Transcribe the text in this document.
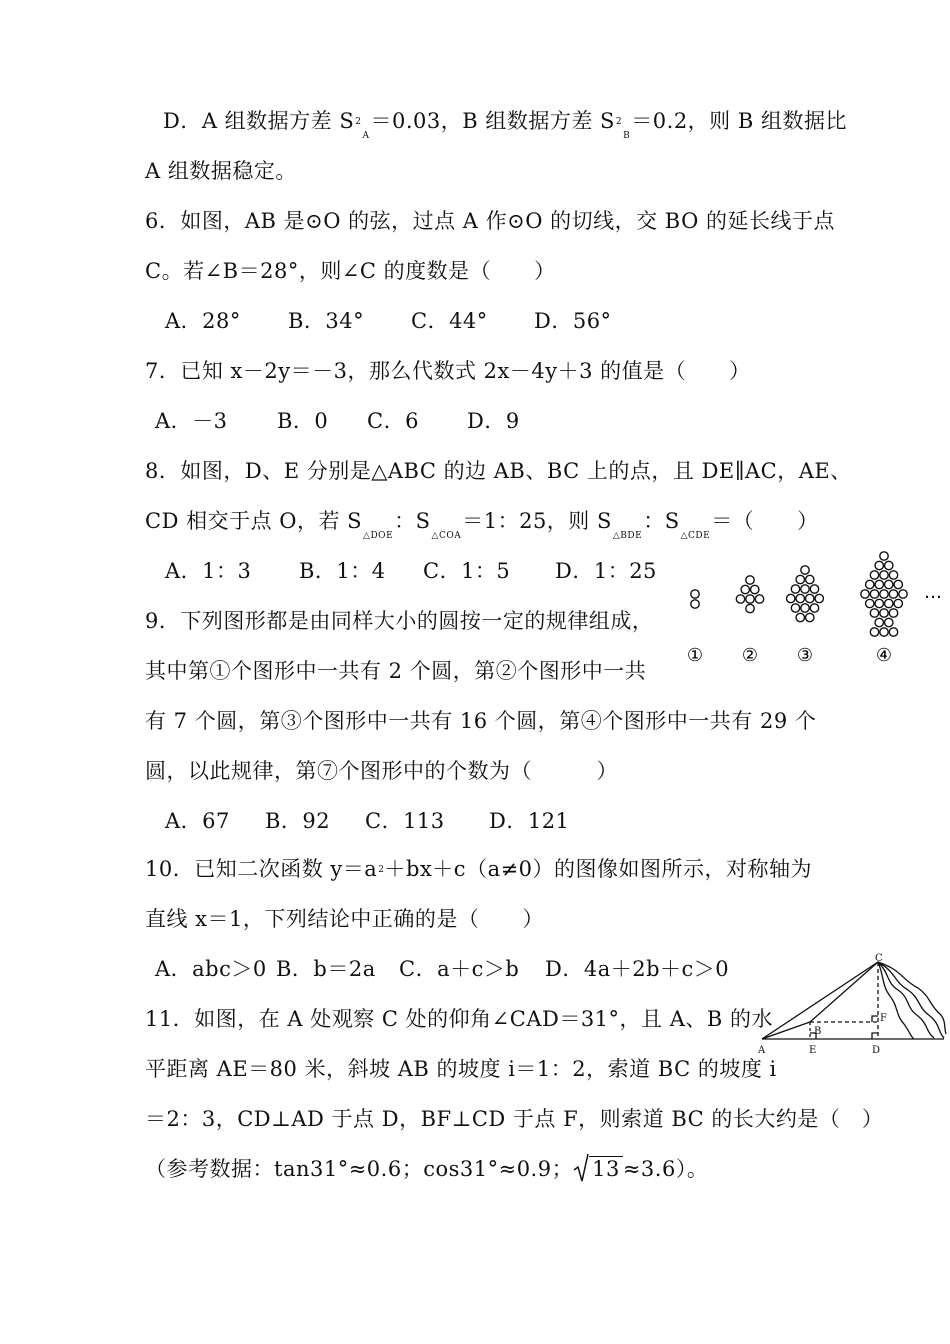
D．A 组数据方差 $S2_A=0.03$，B 组数据方差 $S2_B=0.2$，则 B 组数据比
A 组数据稳定。
6．如图，AB 是⊙O 的弦，过点 A 作⊙O 的切线，交 BO 的延长线于点
C。若∠B＝28°，则∠C 的度数是（　　）
A．28° B．34° C．44° D．56°
7．已知 x－2y＝－3，那么代数式 2x－4y＋3 的值是（　　）
A．－3 B．0 C．6 D．9
8．如图，D、E 分别是△ABC 的边 AB、BC 上的点，且 DE∥AC，AE、
CD 相交于点 O，若 $S_{\triangle DOE}$：$S_{\triangle COA}=1$：25，则 $S_{\triangle BDE}$：$S_{\triangle CDE}=$（　　）
A．1：3 B．1：4 C．1：5 D．1：25
9．下列图形都是由同样大小的圆按一定的规律组成，
其中第①个图形中一共有 2 个圆，第②个图形中一共
有 7 个圆，第③个图形中一共有 16 个圆，第④个图形中一共有 29 个
圆，以此规律，第⑦个图形中的个数为（　　　）
A．67 B．92 C．113 D．121
① ② ③	④
…
10．已知二次函数 y＝a2＋bx＋c（a≠0）的图像如图所示，对称轴为
直线 x＝1，下列结论中正确的是（　　）
A．abc＞0 B．b＝2a C．a＋c＞b D．4a＋2b＋c＞0
11．如图，在 A 处观察 C 处的仰角∠CAD＝31°，且 A、B 的水
平距离 AE＝80 米，斜坡 AB 的坡度 i＝1：2，索道 BC 的坡度 i
＝2：3，CD⊥AD 于点 D，BF⊥CD 于点 F，则索道 BC 的长大约是（　）
（参考数据：tan31°≈0.6；cos31°≈0.9； 13 ≈3.6）。
A
B
C
D
E
F
